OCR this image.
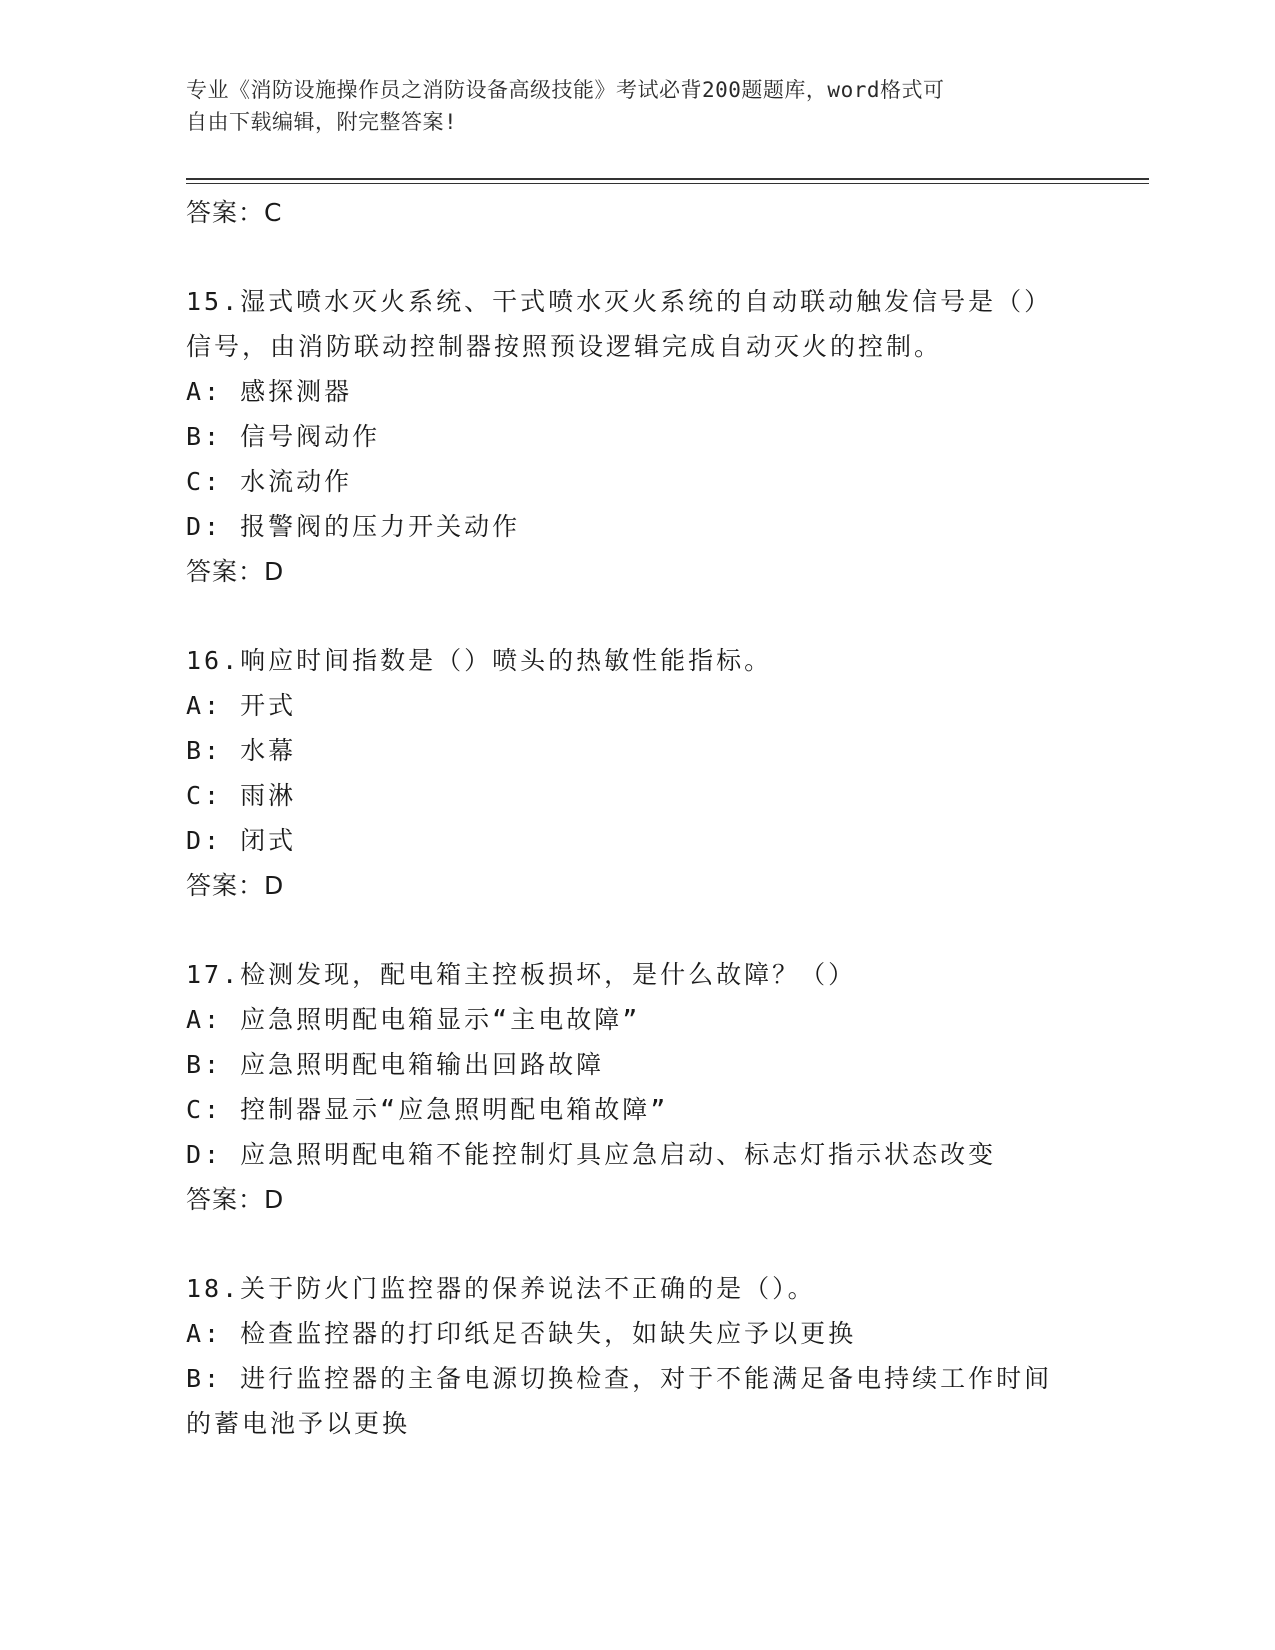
专业《消防设施操作员之消防设备高级技能》考试必背200题题库，word格式可
自由下载编辑，附完整答案!
答案：C
15.湿式喷水灭火系统、干式喷水灭火系统的自动联动触发信号是（）
信号，由消防联动控制器按照预设逻辑完成自动灭火的控制。
A: 感探测器
B: 信号阀动作
C: 水流动作
D: 报警阀的压力开关动作
答案：D
16.响应时间指数是（）喷头的热敏性能指标。
A: 开式
B: 水幕
C: 雨淋
D: 闭式
答案：D
17.检测发现，配电箱主控板损坏，是什么故障？（）
A: 应急照明配电箱显示“主电故障”
B: 应急照明配电箱输出回路故障
C: 控制器显示“应急照明配电箱故障”
D: 应急照明配电箱不能控制灯具应急启动、标志灯指示状态改变
答案：D
18.关于防火门监控器的保养说法不正确的是（）。
A: 检查监控器的打印纸足否缺失，如缺失应予以更换
B: 进行监控器的主备电源切换检查，对于不能满足备电持续工作时间
的蓄电池予以更换
